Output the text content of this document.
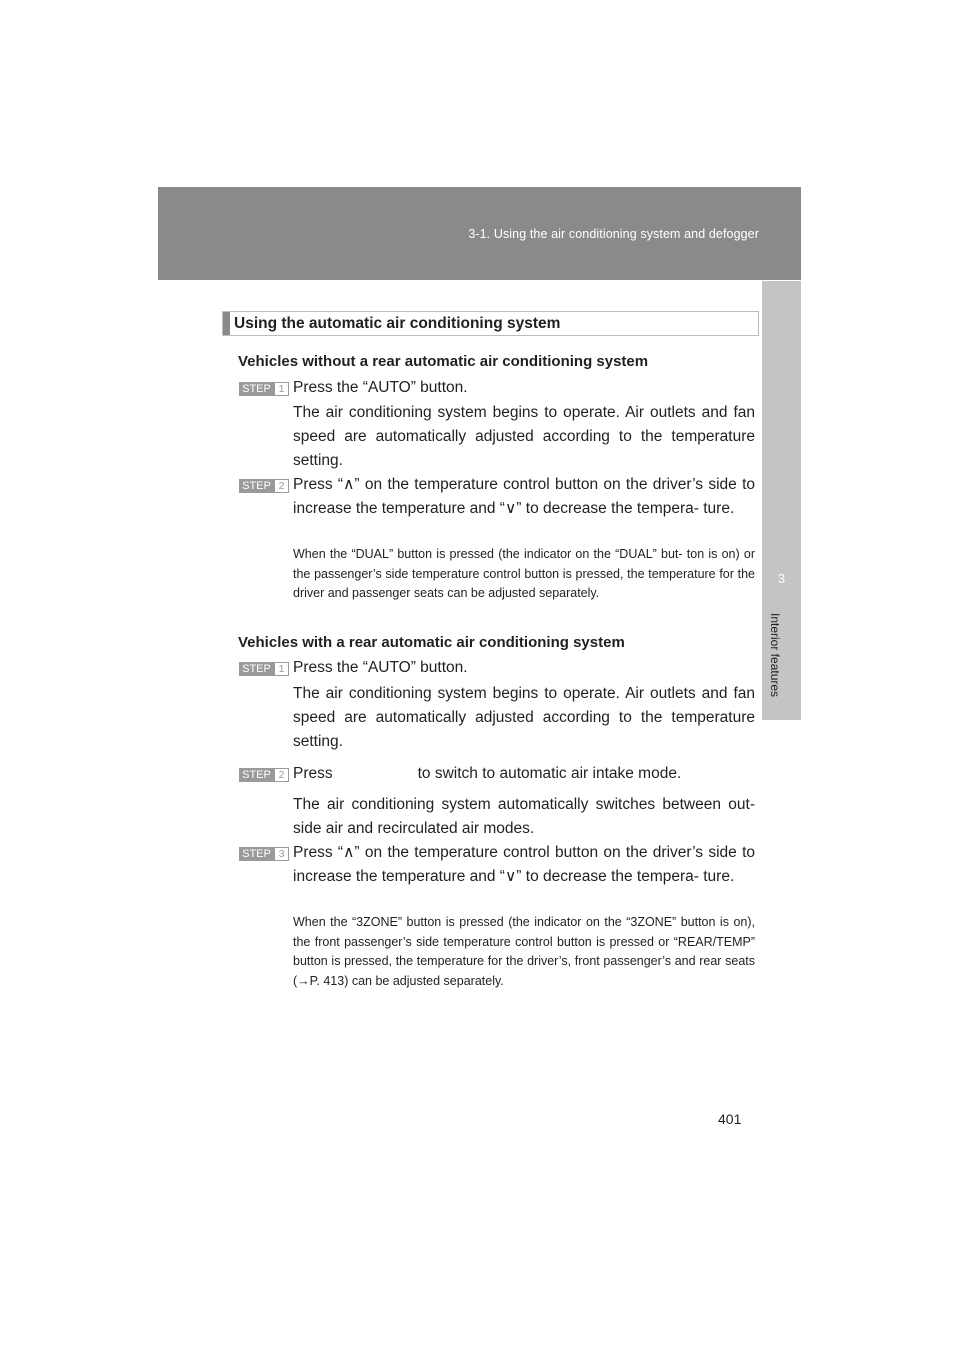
3-1. Using the air conditioning system and defogger
3
Interior features
Using the automatic air conditioning system
Vehicles without a rear automatic air conditioning system
STEP 1 Press the “AUTO” button.
The air conditioning system begins to operate. Air outlets and fan speed are automatically adjusted according to the temperature setting.
STEP 2 Press “∧” on the temperature control button on the driver’s side to increase the temperature and “∨” to decrease the tempera- ture.
When the “DUAL” button is pressed (the indicator on the “DUAL” but- ton is on) or the passenger’s side temperature control button is pressed, the temperature for the driver and passenger seats can be adjusted separately.
Vehicles with a rear automatic air conditioning system
STEP 1 Press the “AUTO” button.
The air conditioning system begins to operate. Air outlets and fan speed are automatically adjusted according to the temperature setting.
STEP 2 Press	to switch to automatic air intake mode.
The air conditioning system automatically switches between out- side air and recirculated air modes.
STEP 3 Press “∧” on the temperature control button on the driver’s side to increase the temperature and “∨” to decrease the tempera- ture.
When the “3ZONE” button is pressed (the indicator on the “3ZONE” button is on), the front passenger’s side temperature control button is pressed or “REAR/TEMP” button is pressed, the temperature for the driver’s, front passenger’s and rear seats (→P. 413) can be adjusted separately.
401
